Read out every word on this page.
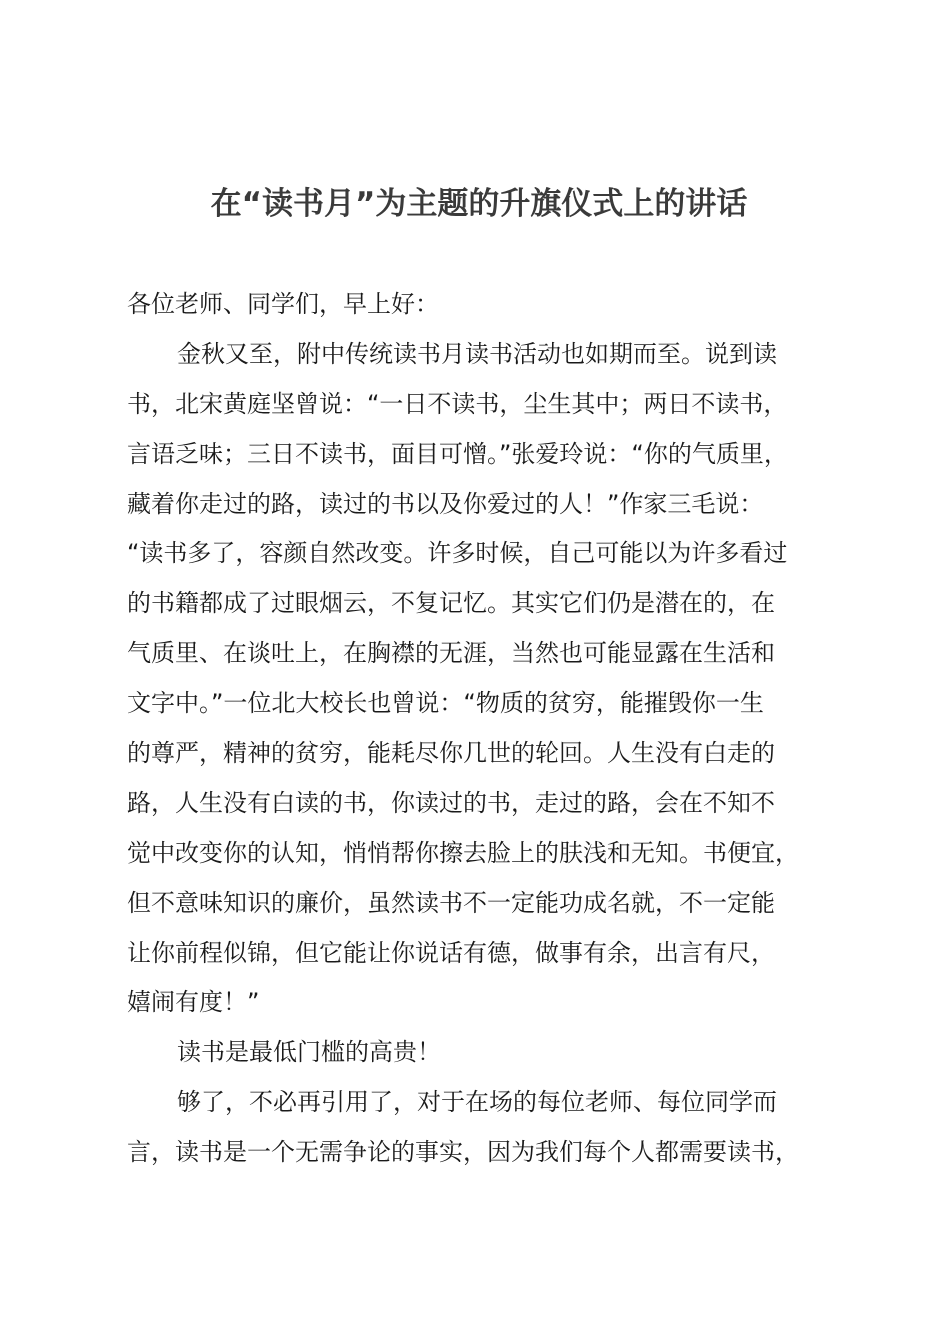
在“读书月”为主题的升旗仪式上的讲话
各位老师、同学们，早上好：
金秋又至，附中传统读书月读书活动也如期而至。说到读
书，北宋黄庭坚曾说：“一日不读书，尘生其中；两日不读书，
言语乏味；三日不读书，面目可憎。”张爱玲说：“你的气质里，
藏着你走过的路，读过的书以及你爱过的人！”作家三毛说：
“读书多了，容颜自然改变。许多时候，自己可能以为许多看过
的书籍都成了过眼烟云，不复记忆。其实它们仍是潜在的，在
气质里、在谈吐上，在胸襟的无涯，当然也可能显露在生活和
文字中。”一位北大校长也曾说：“物质的贫穷，能摧毁你一生
的尊严，精神的贫穷，能耗尽你几世的轮回。人生没有白走的
路，人生没有白读的书，你读过的书，走过的路，会在不知不
觉中改变你的认知，悄悄帮你擦去脸上的肤浅和无知。书便宜，
但不意味知识的廉价，虽然读书不一定能功成名就，不一定能
让你前程似锦，但它能让你说话有德，做事有余，出言有尺，
嬉闹有度！”
读书是最低门槛的高贵！
够了，不必再引用了，对于在场的每位老师、每位同学而
言，读书是一个无需争论的事实，因为我们每个人都需要读书，
